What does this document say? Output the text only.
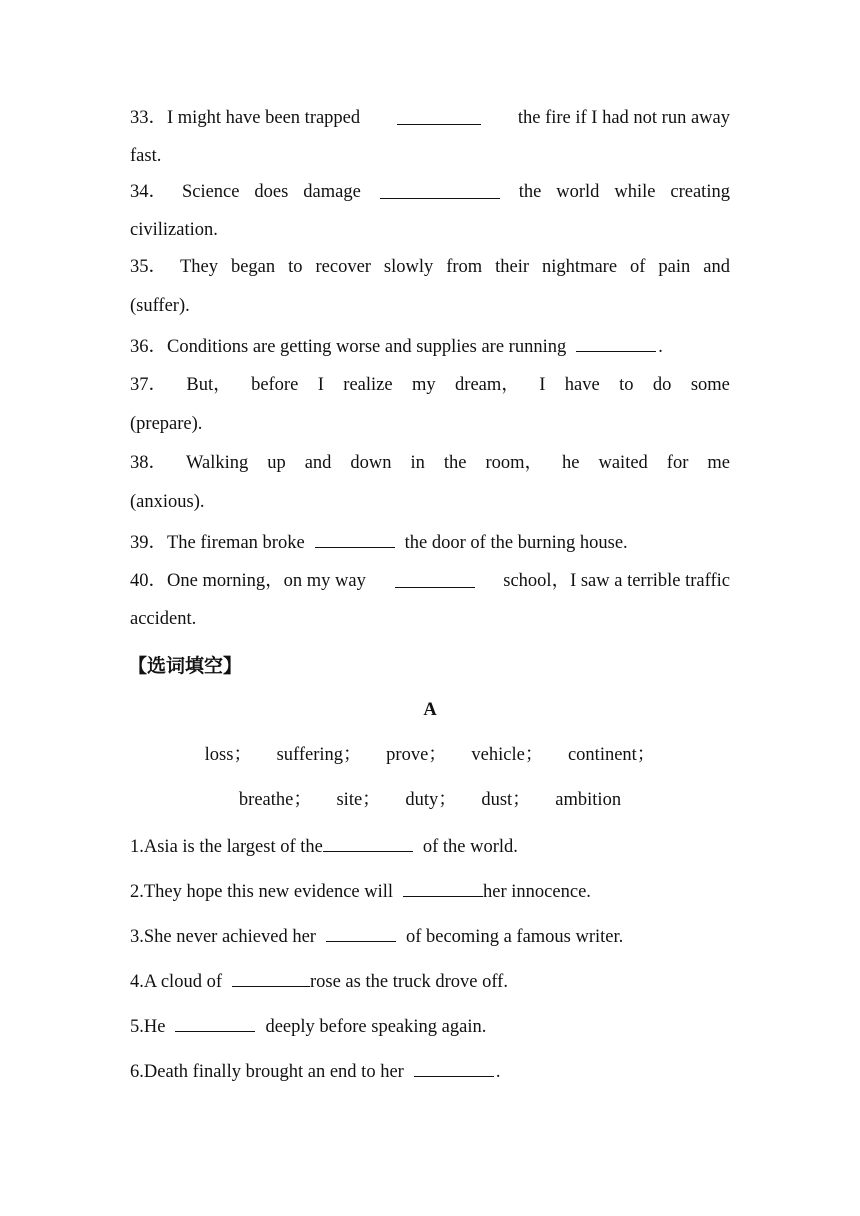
33．I might have been trapped	the fire if I had not run away
fast.
34． Science does damage	the world while creating
civilization.
35． They began to recover slowly from their nightmare of pain and
(suffer).
36．Conditions are getting worse and supplies are running	.
37． But， before I realize my dream， I have to do some
(prepare).
38． Walking up and down in the room， he waited for me
(anxious).
39．The fireman broke	the door of the burning house.
40．One morning，on my way	school，I saw a terrible traffic
accident.
【选词填空】
A
loss； suffering； prove； vehicle； continent；
breathe； site； duty； dust； ambition
1.Asia is the largest of the	of the world.
2.They hope this new evidence will	her innocence.
3.She never achieved her	of becoming a famous writer.
4.A cloud of	rose as the truck drove off.
5.He	deeply before speaking again.
6.Death finally brought an end to her	.
